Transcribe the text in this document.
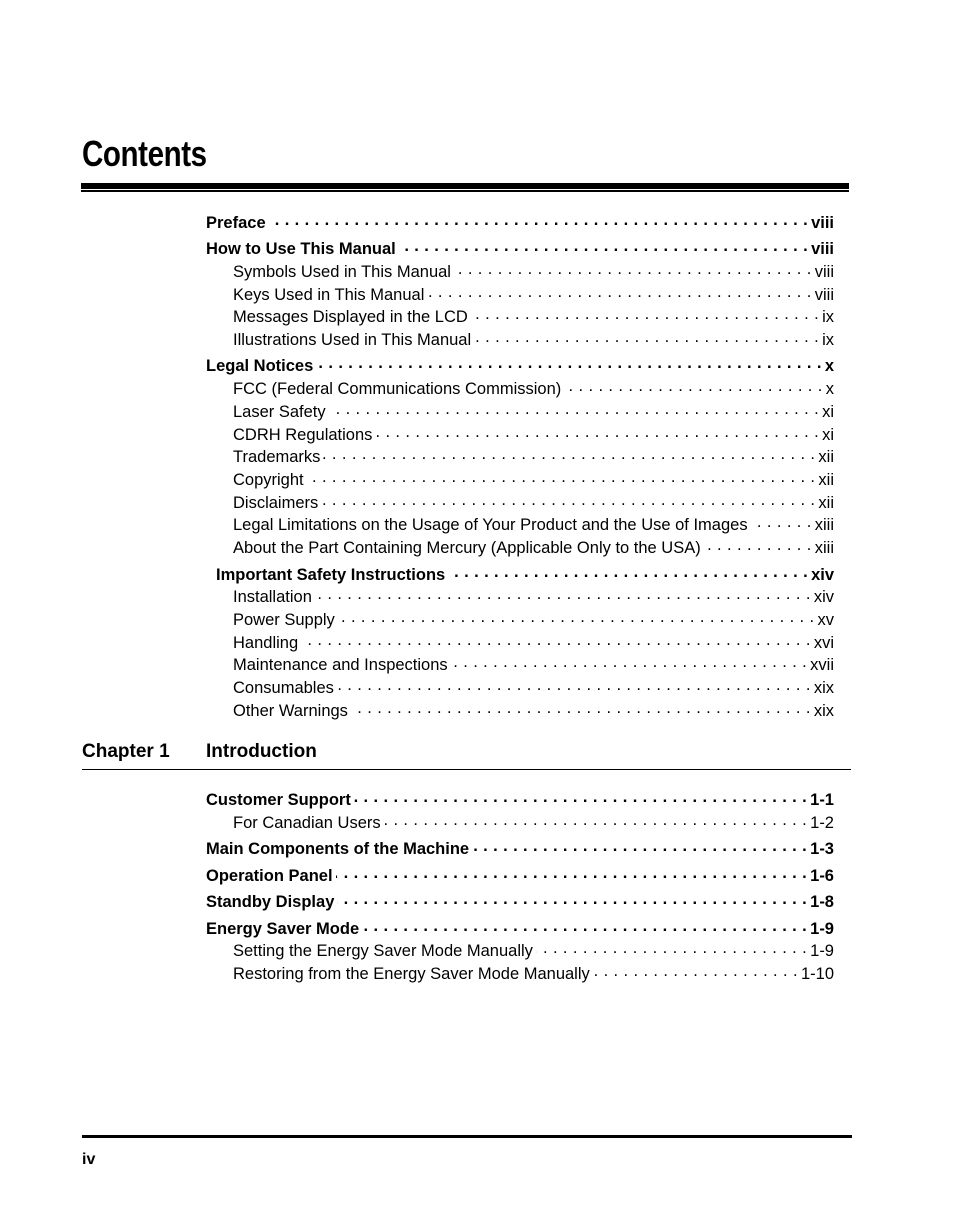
Contents
Preface . . .	viii
How to Use This Manual . . .	viii
Symbols Used in This Manual . . .	viii
Keys Used in This Manual . . .	viii
Messages Displayed in the LCD . . .	ix
Illustrations Used in This Manual . . .	ix
Legal Notices . . .	x
FCC (Federal Communications Commission) . . .	x
Laser Safety . . .	xi
CDRH Regulations . . .	xi
Trademarks . . .	xii
Copyright . . .	xii
Disclaimers . . .	xii
Legal Limitations on the Usage of Your Product and the Use of Images . . .	xiii
About the Part Containing Mercury (Applicable Only to the USA) . . .	xiii
Important Safety Instructions . . .	xiv
Installation . . .	xiv
Power Supply . . .	xv
Handling . . .	xvi
Maintenance and Inspections . . .	xvii
Consumables . . .	xix
Other Warnings . . .	xix
Chapter 1 Introduction
Customer Support . . .	1-1
For Canadian Users . . .	1-2
Main Components of the Machine . . .	1-3
Operation Panel . . .	1-6
Standby Display . . .	1-8
Energy Saver Mode . . .	1-9
Setting the Energy Saver Mode Manually . . .	1-9
Restoring from the Energy Saver Mode Manually . . .	1-10
iv
